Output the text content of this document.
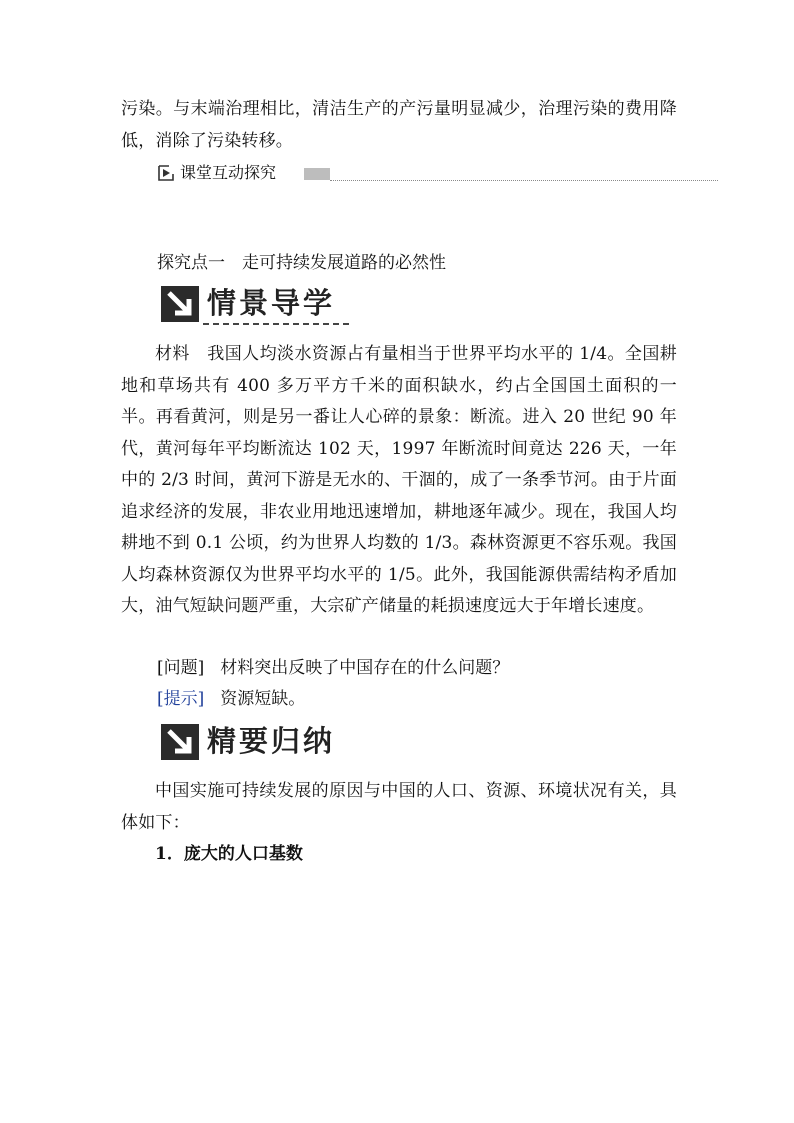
污染。与末端治理相比，清洁生产的产污量明显减少，治理污染的费用降低，消除了污染转移。

课堂互动探究

探究点一　走可持续发展道路的必然性

情景导学

材料　我国人均淡水资源占有量相当于世界平均水平的 1/4。全国耕地和草场共有 400 多万平方千米的面积缺水，约占全国国土面积的一半。再看黄河，则是另一番让人心碎的景象：断流。进入 20 世纪 90 年代，黄河每年平均断流达 102 天，1997 年断流时间竟达 226 天，一年中的 2/3 时间，黄河下游是无水的、干涸的，成了一条季节河。由于片面追求经济的发展，非农业用地迅速增加，耕地逐年减少。现在，我国人均耕地不到 0.1 公顷，约为世界人均数的 1/3。森林资源更不容乐观。我国人均森林资源仅为世界平均水平的 1/5。此外，我国能源供需结构矛盾加大，油气短缺问题严重，大宗矿产储量的耗损速度远大于年增长速度。

[问题] 材料突出反映了中国存在的什么问题？

[提示] 资源短缺。

精要归纳

中国实施可持续发展的原因与中国的人口、资源、环境状况有关，具体如下：

1．庞大的人口基数
